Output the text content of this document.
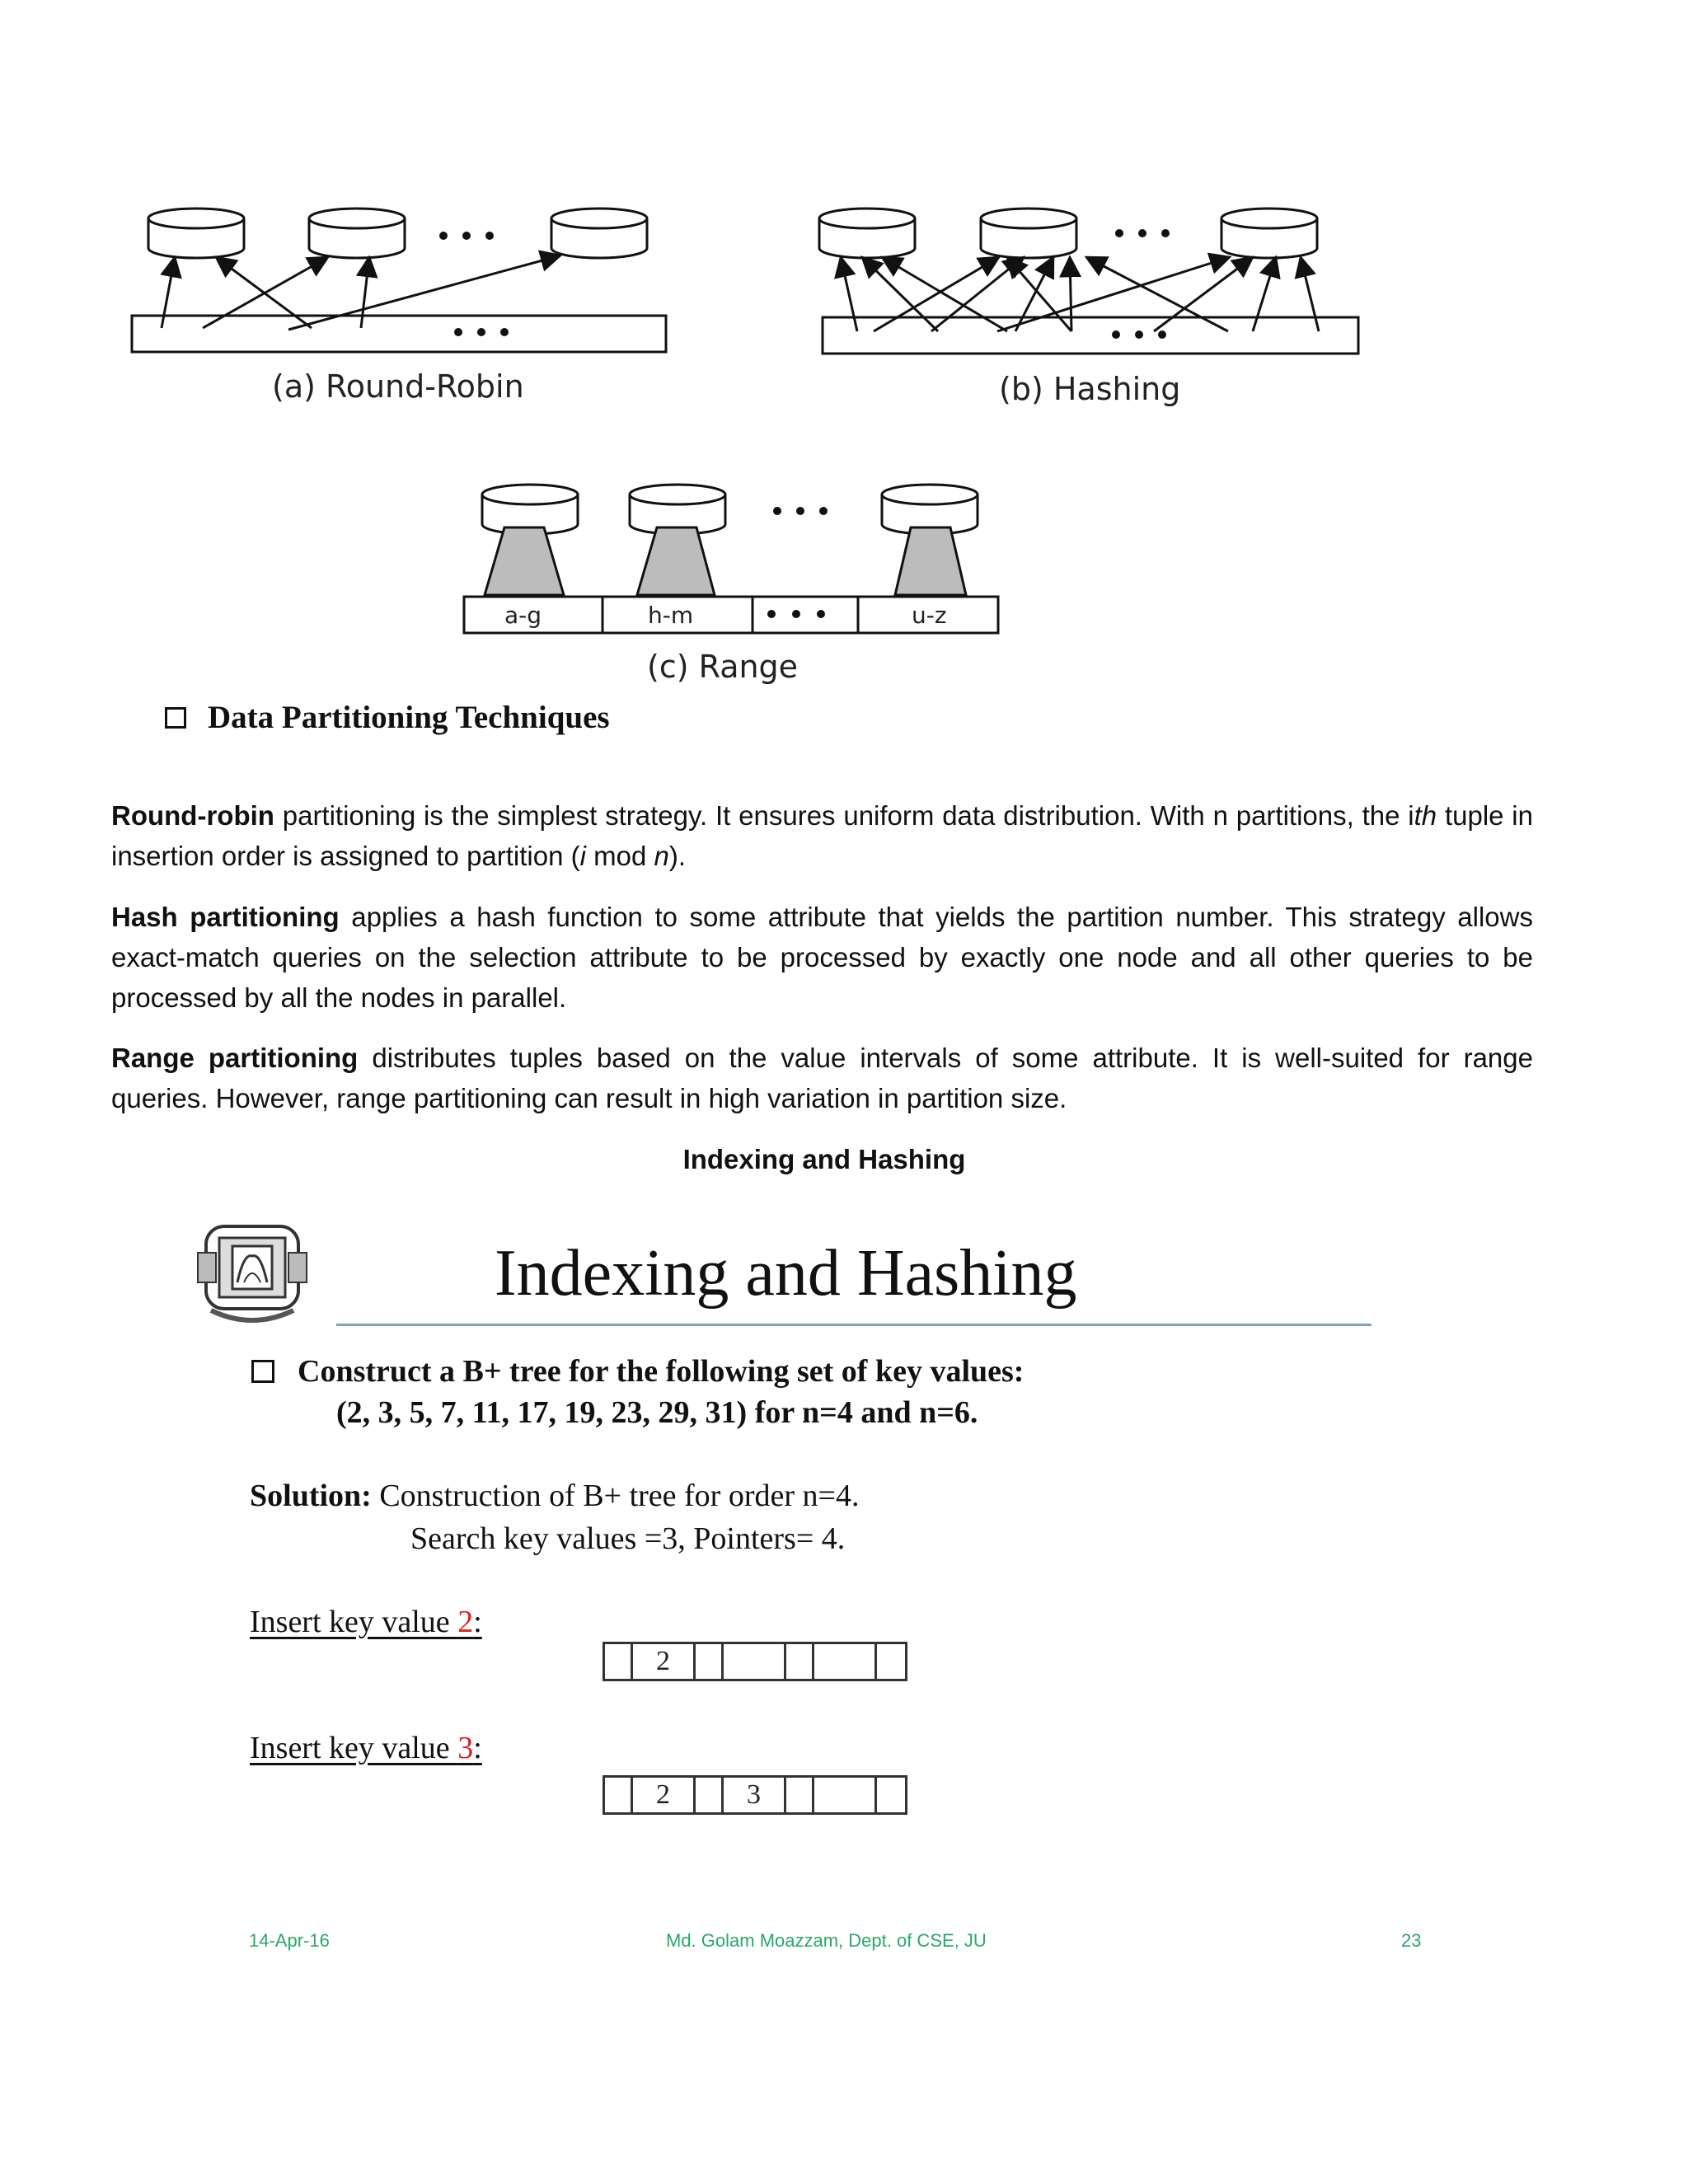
(a) Round-Robin	(b) Hashing
a-g	h-m	u-z
(c) Range
Data Partitioning Techniques

Round-robin partitioning is the simplest strategy. It ensures uniform data distribution. With n partitions, the ith tuple in insertion order is assigned to partition (i mod n).

Hash partitioning applies a hash function to some attribute that yields the partition number. This strategy allows exact-match queries on the selection attribute to be processed by exactly one node and all other queries to be processed by all the nodes in parallel.

Range partitioning distributes tuples based on the value intervals of some attribute. It is well-suited for range queries. However, range partitioning can result in high variation in partition size.

Indexing and Hashing
Indexing and Hashing
Construct a B+ tree for the following set of key values:
(2, 3, 5, 7, 11, 17, 19, 23, 29, 31) for n=4 and n=6.
Solution: Construction of B+ tree for order n=4.
Search key values =3, Pointers= 4.
Insert key value 2:
2
Insert key value 3:
2	3
14-Apr-16	Md. Golam Moazzam, Dept. of CSE, JU	23
